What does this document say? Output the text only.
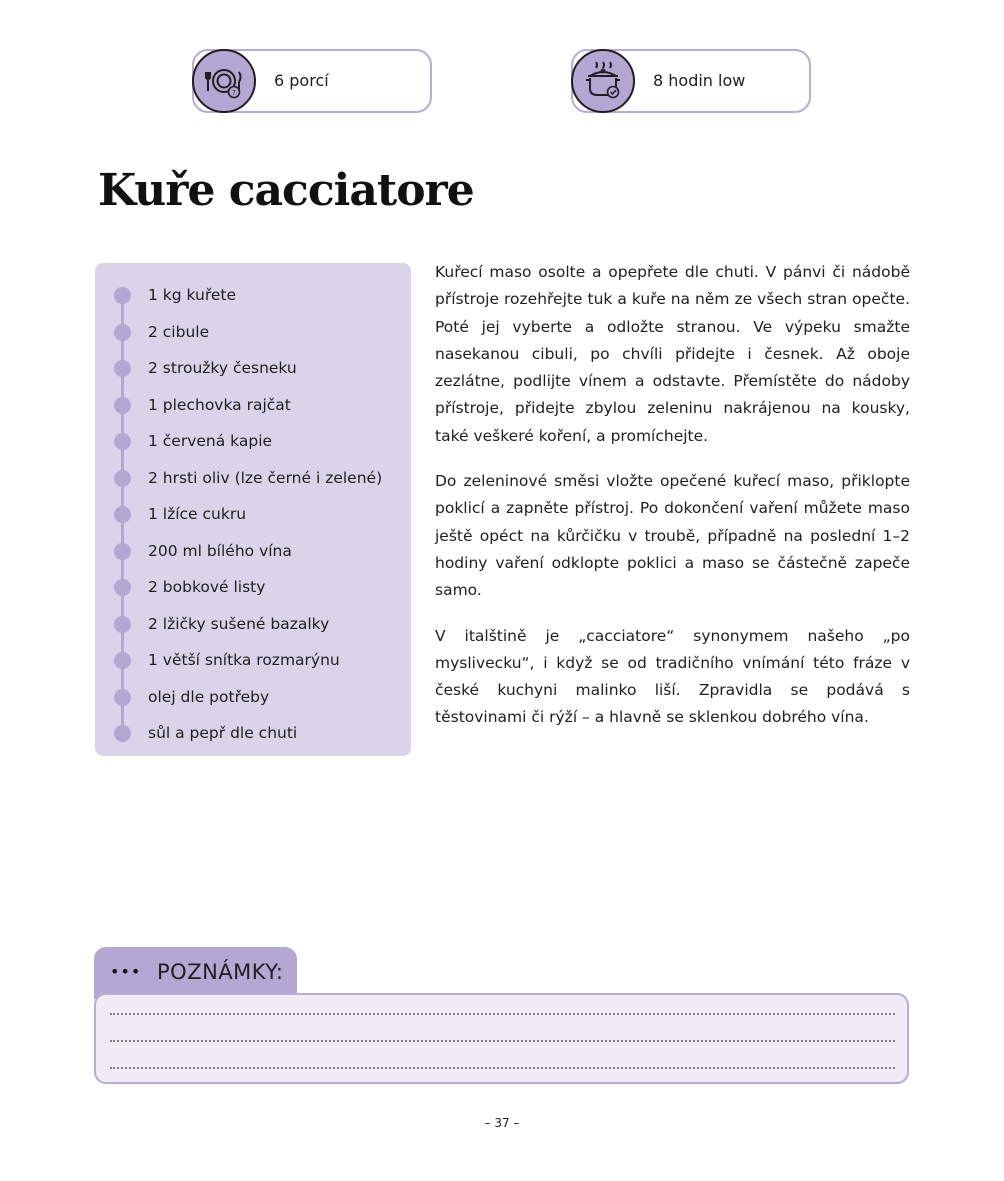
?
6 porcí	8 hodin low
Kuře cacciatore
1 kg kuřete
2 cibule
2 stroužky česneku
1 plechovka rajčat
1 červená kapie
2 hrsti oliv (lze černé i zelené)
1 lžíce cukru
200 ml bílého vína
2 bobkové listy
2 lžičky sušené bazalky
1 větší snítka rozmarýnu
olej dle potřeby
sůl a pepř dle chuti

Kuřecí maso osolte a opepřete dle chuti. V pánvi či nádobě přístroje rozehřejte tuk a kuře na něm ze všech stran opečte. Poté jej vyberte a odložte stranou. Ve výpeku smažte nasekanou cibuli, po chvíli přidejte i česnek. Až oboje zezlátne, podlijte vínem a odstavte. Přemístěte do nádoby přístroje, přidejte zbylou zeleninu nakrájenou na kousky, také veškeré koření, a promíchejte.

Do zeleninové směsi vložte opečené kuřecí maso, přiklopte poklicí a zapněte přístroj. Po dokončení vaření můžete maso ještě opéct na kůrčičku v troubě, případně na poslední 1–2 hodiny vaření odklopte poklici a maso se částečně zapeče samo.

V italštině je „cacciatore“ synonymem našeho „po myslivecku“, i když se od tradičního vnímání této fráze v české kuchyni malinko liší. Zpravidla se podává s těstovinami či rýží – a hlavně se sklenkou dobrého vína.

••• POZNÁMKY:
– 37 –
